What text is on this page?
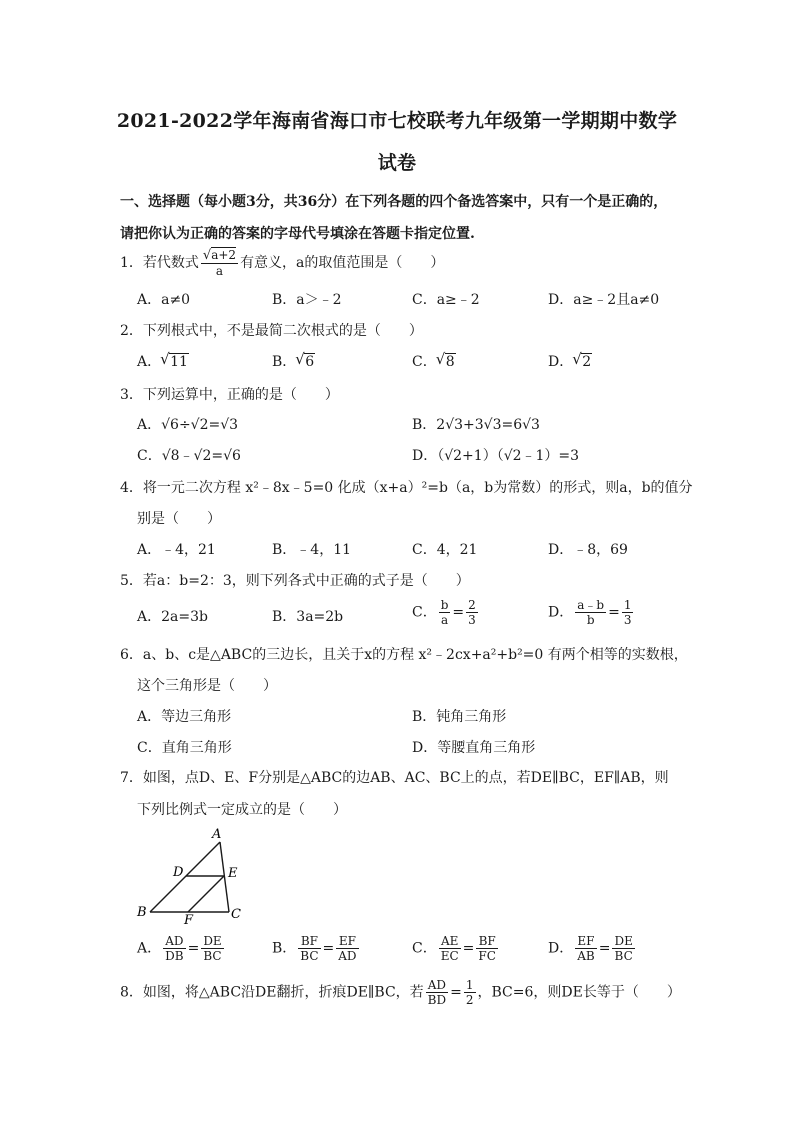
2021-2022学年海南省海口市七校联考九年级第一学期期中数学
试卷
一、选择题（每小题3分，共36分）在下列各题的四个备选答案中，只有一个是正确的，请把你认为正确的答案的字母代号填涂在答题卡指定位置.
1．若代数式 $\frac{√a+2}{a}$ 有意义，a的取值范围是（　　）
A．a≠0	B．a＞﹣2	C．a≥﹣2	D．a≥﹣2且a≠0
2．下列根式中，不是最简二次根式的是（　　）
A． √ 11	B． √ 6	C． √ 8	D． √ 2
3．下列运算中，正确的是（　　）
A．√6÷√2=√3	B．2√3+3√3=6√3
C．√8﹣√2=√6	D．（√2+1）（√2﹣1）=3
4．将一元二次方程 x²﹣8x﹣5=0 化成（x+a）²=b（a，b为常数）的形式，则a，b的值分
别是（　　）
A．﹣4，21	B．﹣4，11	C．4，21	D．﹣8，69
5．若a：b=2：3，则下列各式中正确的式子是（　　）
A．2a=3b	B．3a=2b	C． $\frac{b}{a} = \frac{2}{3}$	D． $\frac{a﹣b}{b} = \frac{1}{3}$
6．a、b、c是△ABC的三边长，且关于x的方程 x²﹣2cx+a²+b²=0 有两个相等的实数根，
这个三角形是（　　）
A．等边三角形	B．钝角三角形
C．直角三角形	D．等腰直角三角形
7．如图，点D、E、F分别是△ABC的边AB、AC、BC上的点，若DE∥BC，EF∥AB，则
下列比例式一定成立的是（　　）
A
B	C
D	E
F
A． $\frac{AD}{DB} = \frac{DE}{BC}$	B． $\frac{BF}{BC} = \frac{EF}{AD}$	C． $\frac{AE}{EC} = \frac{BF}{FC}$	D． $\frac{EF}{AB} = \frac{DE}{BC}$
8．如图，将△ABC沿DE翻折，折痕DE∥BC，若 $\frac{AD}{BD} = \frac{1}{2}$ ，BC=6，则DE长等于（　　）
